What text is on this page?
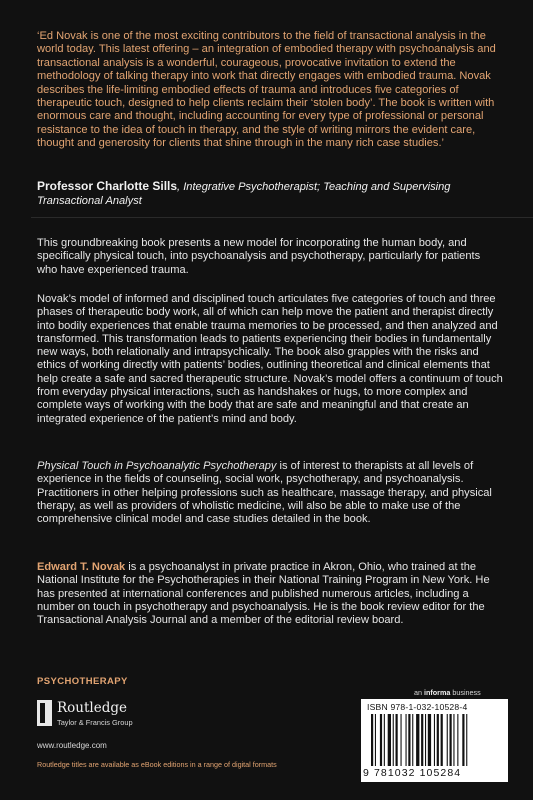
‘Ed Novak is one of the most exciting contributors to the field of transactional analysis in the world today. This latest offering – an integration of embodied therapy with psychoanalysis and transactional analysis is a wonderful, courageous, provocative invitation to extend the methodology of talking therapy into work that directly engages with embodied trauma. Novak describes the life-limiting embodied effects of trauma and introduces five categories of therapeutic touch, designed to help clients reclaim their ‘stolen body’. The book is written with enormous care and thought, including accounting for every type of professional or personal resistance to the idea of touch in therapy, and the style of writing mirrors the evident care, thought and generosity for clients that shine through in the many rich case studies.’
Professor Charlotte Sills, Integrative Psychotherapist; Teaching and Supervising Transactional Analyst
This groundbreaking book presents a new model for incorporating the human body, and specifically physical touch, into psychoanalysis and psychotherapy, particularly for patients who have experienced trauma.
Novak’s model of informed and disciplined touch articulates five categories of touch and three phases of therapeutic body work, all of which can help move the patient and therapist directly into bodily experiences that enable trauma memories to be processed, and then analyzed and transformed. This transformation leads to patients experiencing their bodies in fundamentally new ways, both relationally and intrapsychically. The book also grapples with the risks and ethics of working directly with patients’ bodies, outlining theoretical and clinical elements that help create a safe and sacred therapeutic structure. Novak’s model offers a continuum of touch from everyday physical interactions, such as handshakes or hugs, to more complex and complete ways of working with the body that are safe and meaningful and that create an integrated experience of the patient’s mind and body.
Physical Touch in Psychoanalytic Psychotherapy is of interest to therapists at all levels of experience in the fields of counseling, social work, psychotherapy, and psychoanalysis. Practitioners in other helping professions such as healthcare, massage therapy, and physical therapy, as well as providers of wholistic medicine, will also be able to make use of the comprehensive clinical model and case studies detailed in the book.
Edward T. Novak is a psychoanalyst in private practice in Akron, Ohio, who trained at the National Institute for the Psychotherapies in their National Training Program in New York. He has presented at international conferences and published numerous articles, including a number on touch in psychotherapy and psychoanalysis. He is the book review editor for the Transactional Analysis Journal and a member of the editorial review board.
PSYCHOTHERAPY
Routledge
Taylor & Francis Group
www.routledge.com
Routledge titles are available as eBook editions in a range of digital formats
an informa business
ISBN 978-1-032-10528-4
9 781032 105284
